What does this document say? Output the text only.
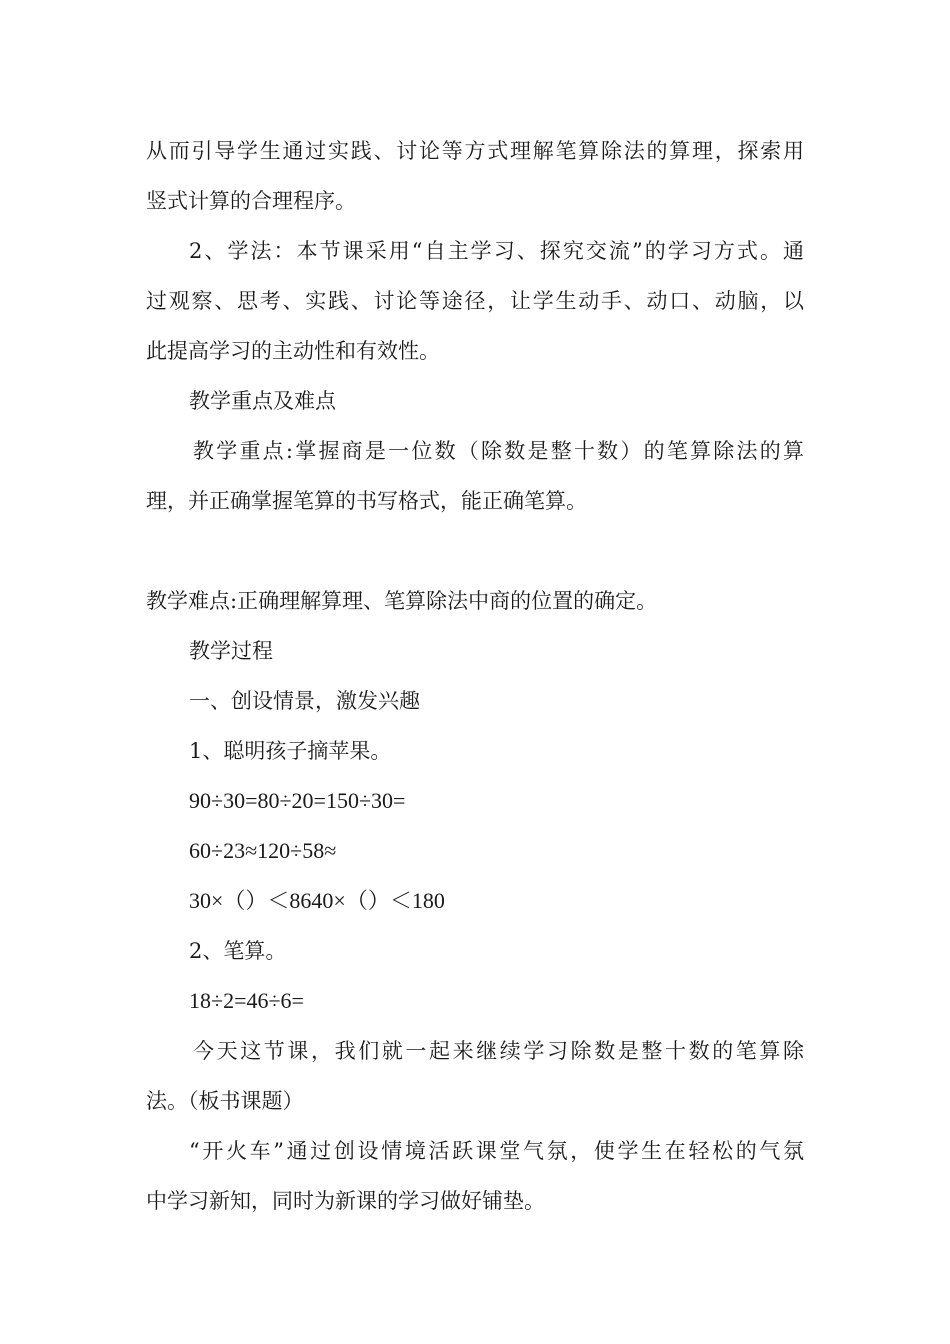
从而引导学生通过实践、讨论等方式理解笔算除法的算理，探索用
竖式计算的合理程序。
2、学法：本节课采用“自主学习、探究交流”的学习方式。通
过观察、思考、实践、讨论等途径，让学生动手、动口、动脑，以
此提高学习的主动性和有效性。
教学重点及难点
教学重点:掌握商是一位数（除数是整十数）的笔算除法的算
理，并正确掌握笔算的书写格式，能正确笔算。
教学难点:正确理解算理、笔算除法中商的位置的确定。
教学过程
一、创设情景，激发兴趣
1、聪明孩子摘苹果。
90÷30=80÷20=150÷30=
60÷23≈120÷58≈
30×（）＜8640×（）＜180
2、笔算。
18÷2=46÷6=
今天这节课，我们就一起来继续学习除数是整十数的笔算除
法。（板书课题）
“开火车”通过创设情境活跃课堂气氛，使学生在轻松的气氛
中学习新知，同时为新课的学习做好铺垫。
